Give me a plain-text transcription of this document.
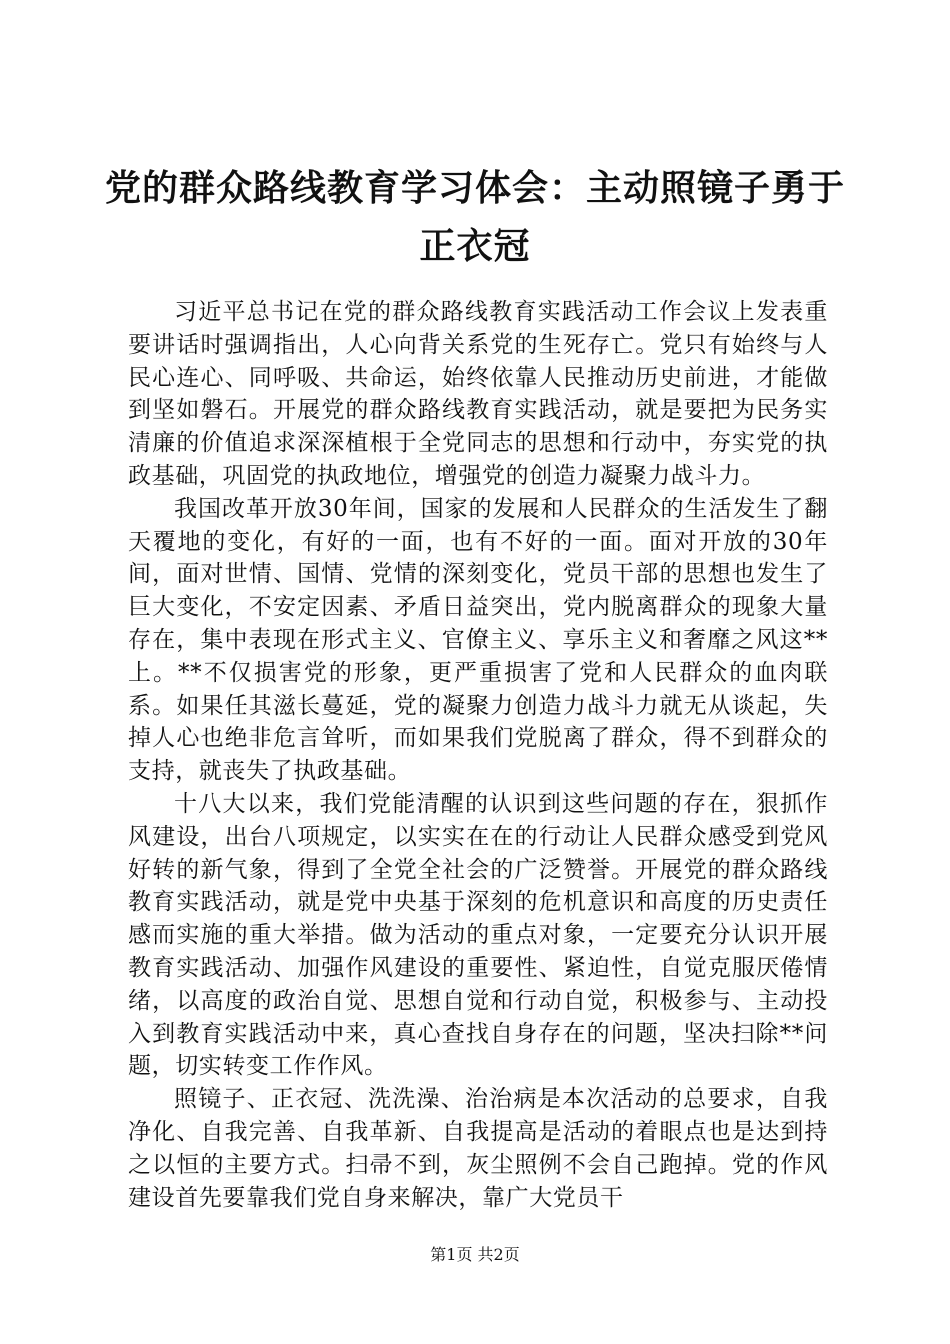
党的群众路线教育学习体会：主动照镜子勇于
正衣冠

习近平总书记在党的群众路线教育实践活动工作会议上发表重要讲话时强调指出，人心向背关系党的生死存亡。党只有始终与人民心连心、同呼吸、共命运，始终依靠人民推动历史前进，才能做到坚如磐石。开展党的群众路线教育实践活动，就是要把为民务实清廉的价值追求深深植根于全党同志的思想和行动中，夯实党的执政基础，巩固党的执政地位，增强党的创造力凝聚力战斗力。

我国改革开放30年间，国家的发展和人民群众的生活发生了翻天覆地的变化，有好的一面，也有不好的一面。面对开放的30年间，面对世情、国情、党情的深刻变化，党员干部的思想也发生了巨大变化，不安定因素、矛盾日益突出，党内脱离群众的现象大量存在，集中表现在形式主义、官僚主义、享乐主义和奢靡之风这**上。**不仅损害党的形象，更严重损害了党和人民群众的血肉联系。如果任其滋长蔓延，党的凝聚力创造力战斗力就无从谈起，失掉人心也绝非危言耸听，而如果我们党脱离了群众，得不到群众的支持，就丧失了执政基础。

十八大以来，我们党能清醒的认识到这些问题的存在，狠抓作风建设，出台八项规定，以实实在在的行动让人民群众感受到党风好转的新气象，得到了全党全社会的广泛赞誉。开展党的群众路线教育实践活动，就是党中央基于深刻的危机意识和高度的历史责任感而实施的重大举措。做为活动的重点对象，一定要充分认识开展教育实践活动、加强作风建设的重要性、紧迫性，自觉克服厌倦情绪，以高度的政治自觉、思想自觉和行动自觉，积极参与、主动投入到教育实践活动中来，真心查找自身存在的问题，坚决扫除**问题，切实转变工作作风。

照镜子、正衣冠、洗洗澡、治治病是本次活动的总要求，自我净化、自我完善、自我革新、自我提高是活动的着眼点也是达到持之以恒的主要方式。扫帚不到，灰尘照例不会自己跑掉。党的作风建设首先要靠我们党自身来解决，靠广大党员干

第1页 共2页
